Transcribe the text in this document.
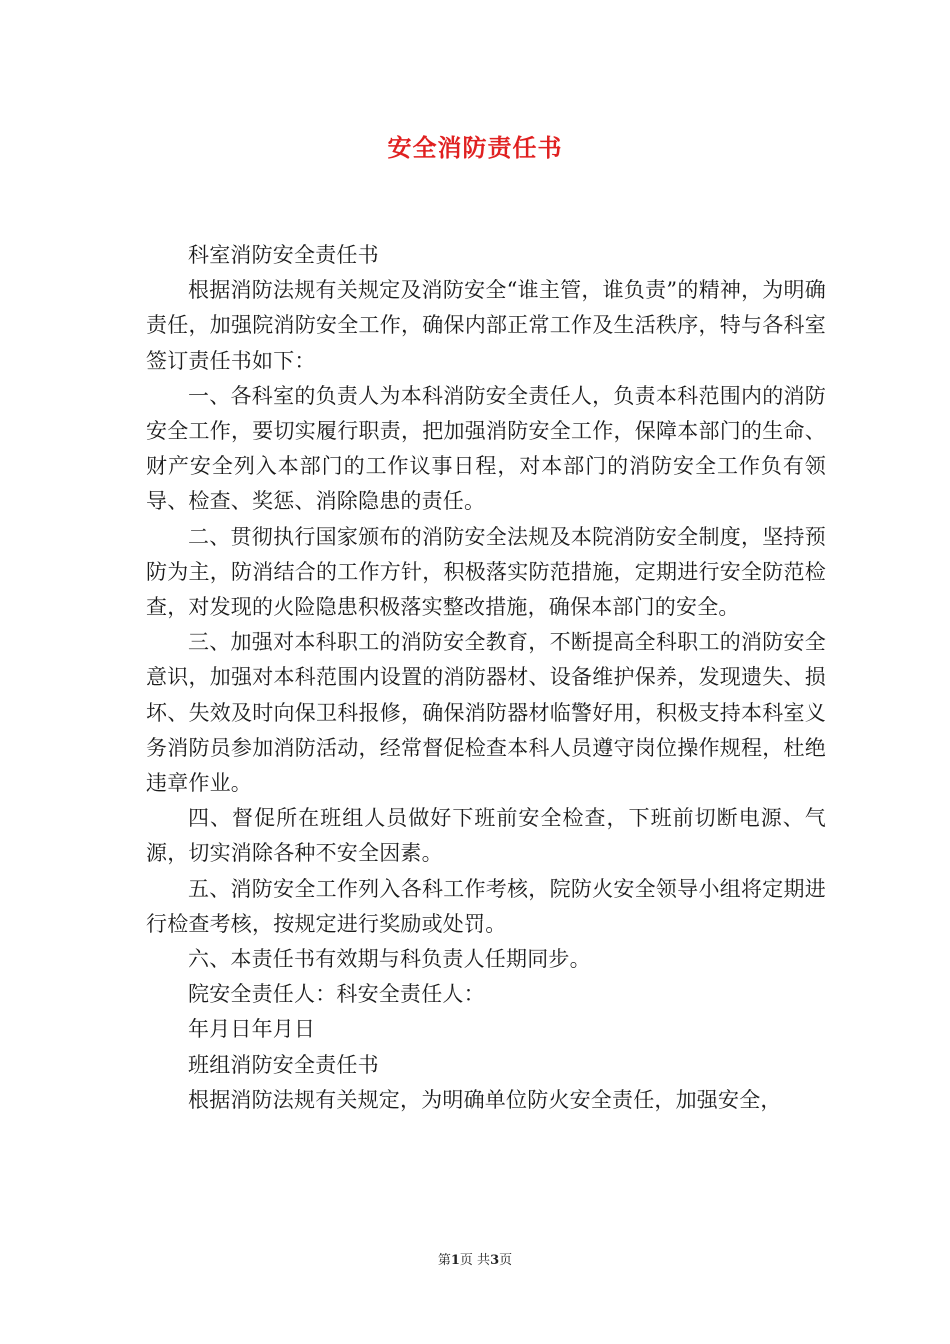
安全消防责任书

科室消防安全责任书

根据消防法规有关规定及消防安全“谁主管，谁负责”的精神，为明确责任，加强院消防安全工作，确保内部正常工作及生活秩序，特与各科室签订责任书如下：

一、各科室的负责人为本科消防安全责任人，负责本科范围内的消防安全工作，要切实履行职责，把加强消防安全工作，保障本部门的生命、财产安全列入本部门的工作议事日程，对本部门的消防安全工作负有领导、检查、奖惩、消除隐患的责任。

二、贯彻执行国家颁布的消防安全法规及本院消防安全制度，坚持预防为主，防消结合的工作方针，积极落实防范措施，定期进行安全防范检查，对发现的火险隐患积极落实整改措施，确保本部门的安全。

三、加强对本科职工的消防安全教育，不断提高全科职工的消防安全意识，加强对本科范围内设置的消防器材、设备维护保养，发现遗失、损坏、失效及时向保卫科报修，确保消防器材临警好用，积极支持本科室义务消防员参加消防活动，经常督促检查本科人员遵守岗位操作规程，杜绝违章作业。

四、督促所在班组人员做好下班前安全检查，下班前切断电源、气源，切实消除各种不安全因素。

五、消防安全工作列入各科工作考核，院防火安全领导小组将定期进行检查考核，按规定进行奖励或处罚。

六、本责任书有效期与科负责人任期同步。

院安全责任人：科安全责任人：

年月日年月日

班组消防安全责任书

根据消防法规有关规定，为明确单位防火安全责任，加强安全，

第1页 共3页
